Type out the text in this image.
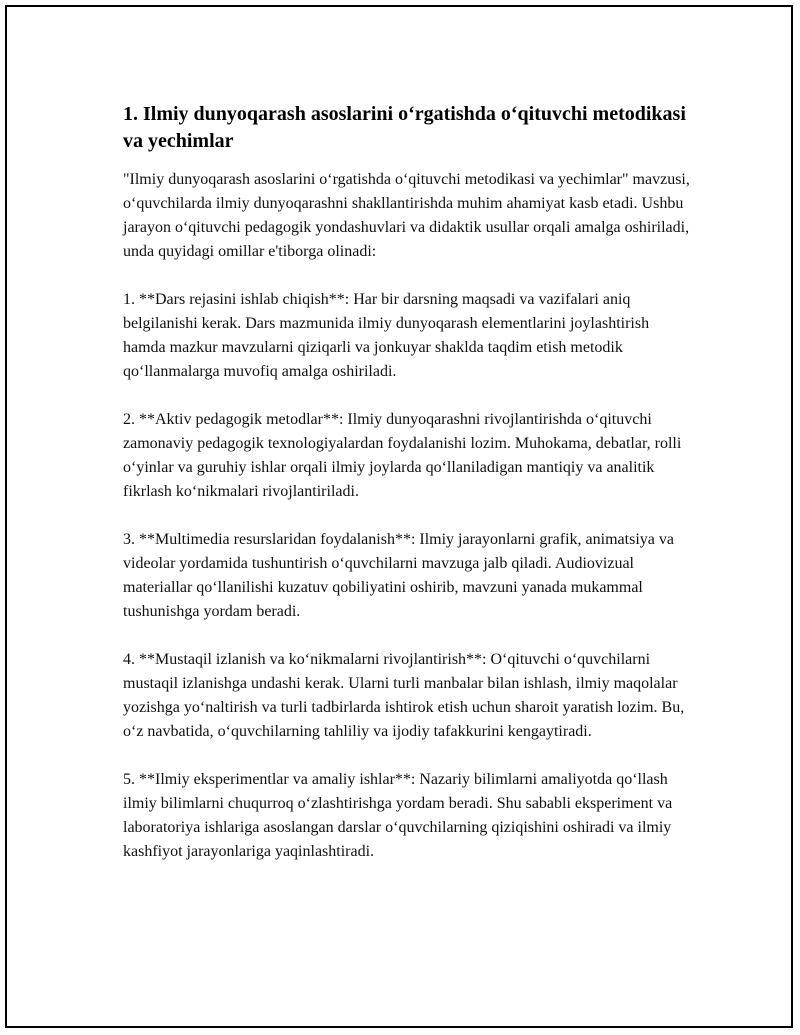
1. Ilmiy dunyoqarash asoslarini o‘rgatishda o‘qituvchi metodikasi va yechimlar

"Ilmiy dunyoqarash asoslarini o‘rgatishda o‘qituvchi metodikasi va yechimlar" mavzusi, o‘quvchilarda ilmiy dunyoqarashni shakllantirishda muhim ahamiyat kasb etadi. Ushbu jarayon o‘qituvchi pedagogik yondashuvlari va didaktik usullar orqali amalga oshiriladi, unda quyidagi omillar e'tiborga olinadi:

1. **Dars rejasini ishlab chiqish**: Har bir darsning maqsadi va vazifalari aniq belgilanishi kerak. Dars mazmunida ilmiy dunyoqarash elementlarini joylashtirish hamda mazkur mavzularni qiziqarli va jonkuyar shaklda taqdim etish metodik qo‘llanmalarga muvofiq amalga oshiriladi.

2. **Aktiv pedagogik metodlar**: Ilmiy dunyoqarashni rivojlantirishda o‘qituvchi zamonaviy pedagogik texnologiyalardan foydalanishi lozim. Muhokama, debatlar, rolli o‘yinlar va guruhiy ishlar orqali ilmiy joylarda qo‘llaniladigan mantiqiy va analitik fikrlash ko‘nikmalari rivojlantiriladi.

3. **Multimedia resurslaridan foydalanish**: Ilmiy jarayonlarni grafik, animatsiya va videolar yordamida tushuntirish o‘quvchilarni mavzuga jalb qiladi. Audiovizual materiallar qo‘llanilishi kuzatuv qobiliyatini oshirib, mavzuni yanada mukammal tushunishga yordam beradi.

4. **Mustaqil izlanish va ko‘nikmalarni rivojlantirish**: O‘qituvchi o‘quvchilarni mustaqil izlanishga undashi kerak. Ularni turli manbalar bilan ishlash, ilmiy maqolalar yozishga yo‘naltirish va turli tadbirlarda ishtirok etish uchun sharoit yaratish lozim. Bu, o‘z navbatida, o‘quvchilarning tahliliy va ijodiy tafakkurini kengaytiradi.

5. **Ilmiy eksperimentlar va amaliy ishlar**: Nazariy bilimlarni amaliyotda qo‘llash ilmiy bilimlarni chuqurroq o‘zlashtirishga yordam beradi. Shu sababli eksperiment va laboratoriya ishlariga asoslangan darslar o‘quvchilarning qiziqishini oshiradi va ilmiy kashfiyot jarayonlariga yaqinlashtiradi.
